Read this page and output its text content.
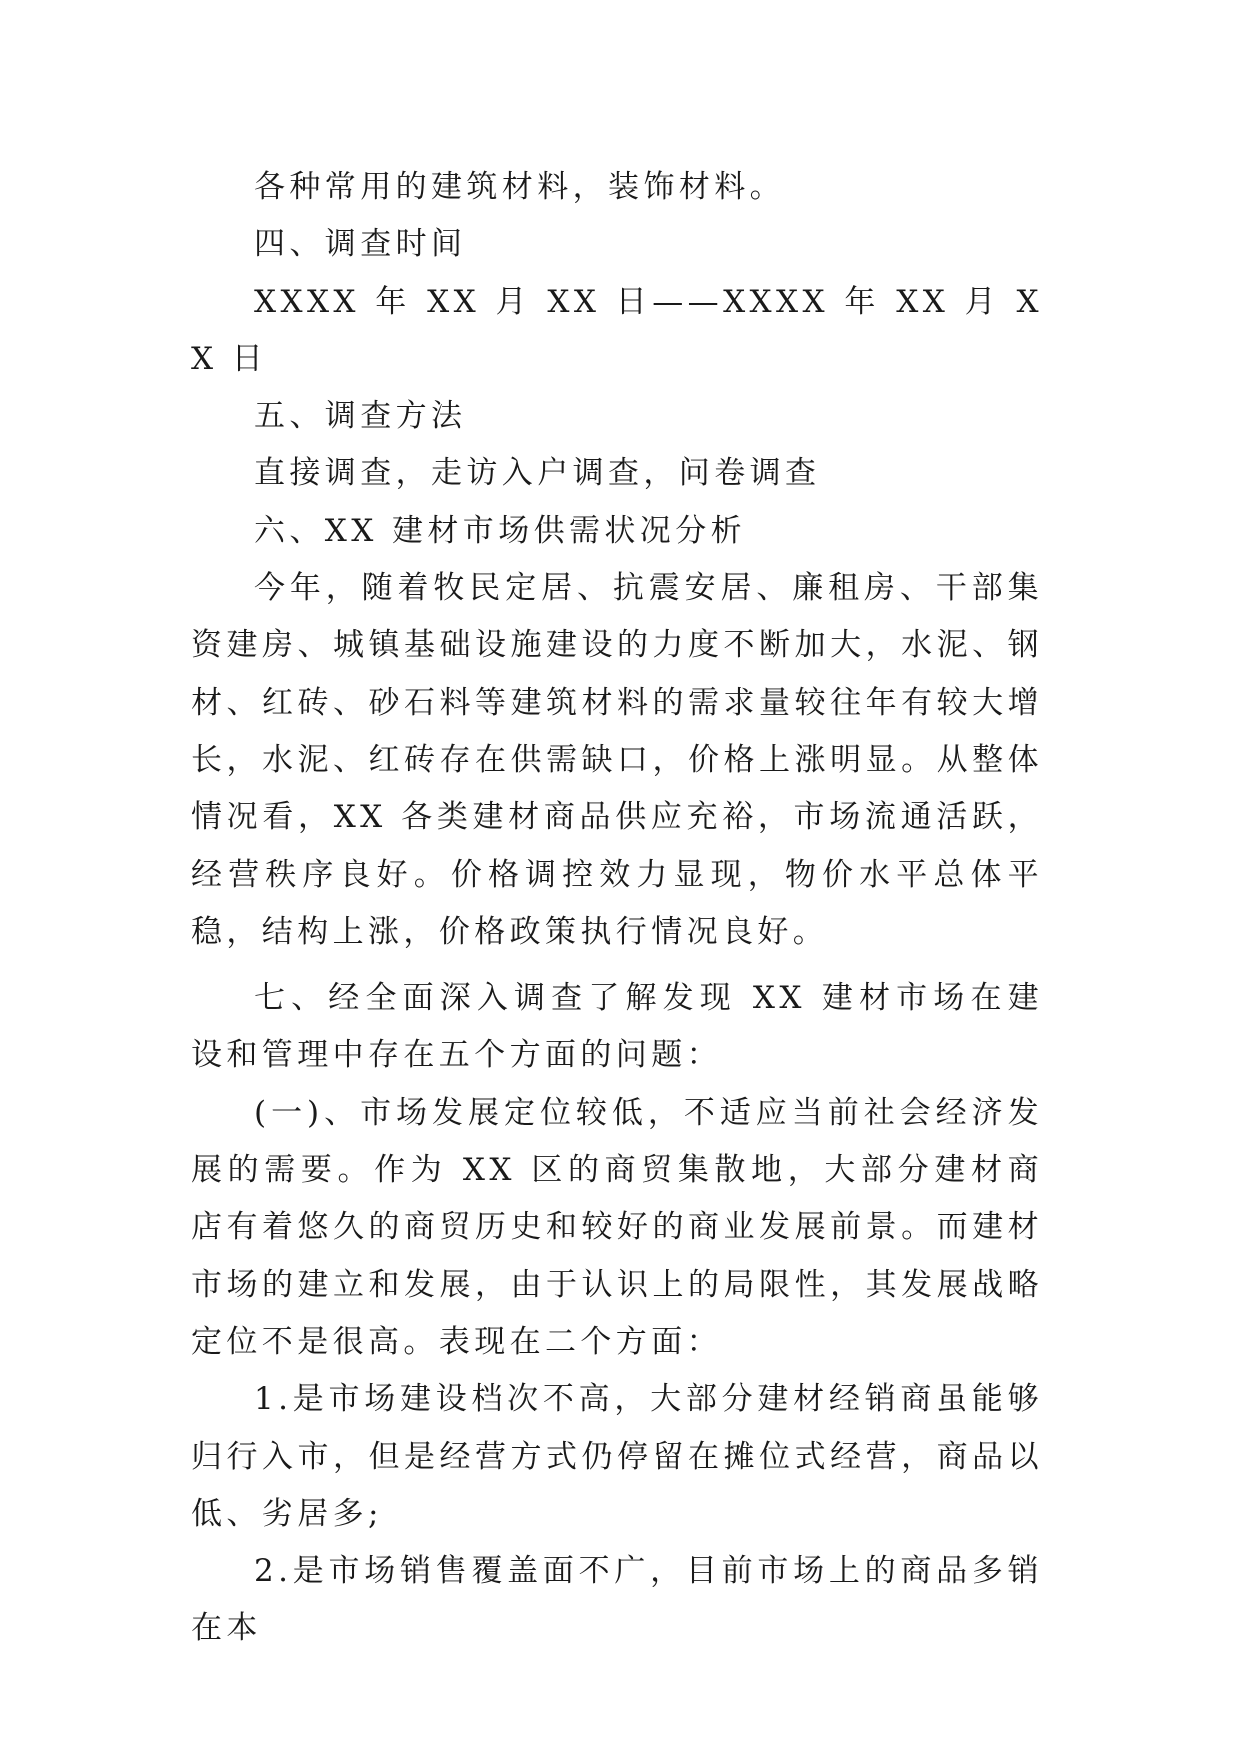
各种常用的建筑材料，装饰材料。

四、调查时间

XXXX 年 XX 月 XX 日——XXXX 年 XX 月 XX 日

五、调查方法

直接调查，走访入户调查，问卷调查

六、XX 建材市场供需状况分析

今年，随着牧民定居、抗震安居、廉租房、干部集资建房、城镇基础设施建设的力度不断加大，水泥、钢材、红砖、砂石料等建筑材料的需求量较往年有较大增长，水泥、红砖存在供需缺口，价格上涨明显。从整体情况看，XX 各类建材商品供应充裕，市场流通活跃，经营秩序良好。价格调控效力显现，物价水平总体平稳，结构上涨，价格政策执行情况良好。

七、经全面深入调查了解发现 XX 建材市场在建设和管理中存在五个方面的问题：

(一)、市场发展定位较低，不适应当前社会经济发展的需要。作为 XX 区的商贸集散地，大部分建材商店有着悠久的商贸历史和较好的商业发展前景。而建材市场的建立和发展，由于认识上的局限性，其发展战略定位不是很高。表现在二个方面：

1.是市场建设档次不高，大部分建材经销商虽能够归行入市，但是经营方式仍停留在摊位式经营，商品以低、劣居多;

2.是市场销售覆盖面不广，目前市场上的商品多销在本
